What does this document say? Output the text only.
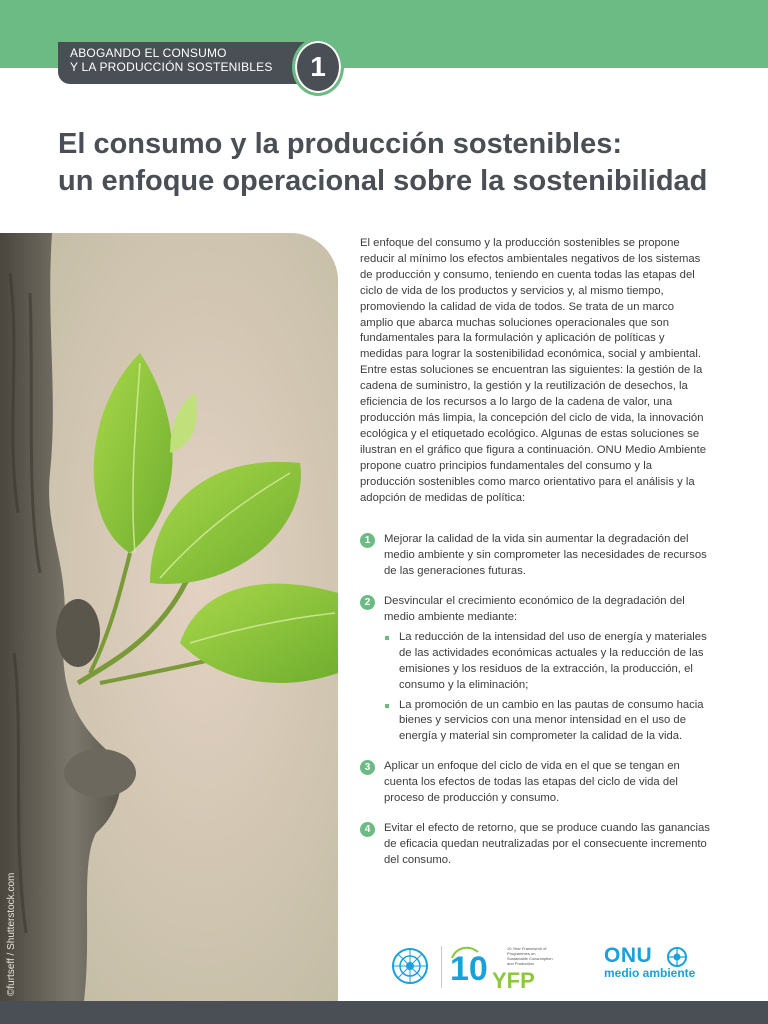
ABOGANDO EL CONSUMO
Y LA PRODUCCIÓN SOSTENIBLES	1
El consumo y la producción sostenibles:
un enfoque operacional sobre la sostenibilidad
©furtseff / Shutterstock.com

El enfoque del consumo y la producción sostenibles se propone reducir al mínimo los efectos ambientales negativos de los sistemas de producción y consumo, teniendo en cuenta todas las etapas del ciclo de vida de los productos y servicios y, al mismo tiempo, promoviendo la calidad de vida de todos. Se trata de un marco amplio que abarca muchas soluciones operacionales que son fundamentales para la formulación y aplicación de políticas y medidas para lograr la sostenibilidad económica, social y ambiental. Entre estas soluciones se encuentran las siguientes: la gestión de la cadena de suministro, la gestión y la reutilización de desechos, la eficiencia de los recursos a lo largo de la cadena de valor, una producción más limpia, la concepción del ciclo de vida, la innovación ecológica y el etiquetado ecológico. Algunas de estas soluciones se ilustran en el gráfico que figura a continuación. ONU Medio Ambiente propone cuatro principios fundamentales del consumo y la producción sostenibles como marco orientativo para el análisis y la adopción de medidas de política:

1	Mejorar la calidad de la vida sin aumentar la degradación del medio ambiente y sin comprometer las necesidades de recursos de las generaciones futuras.
2	Desvincular el crecimiento económico de la degradación del medio ambiente mediante:
La reducción de la intensidad del uso de energía y materiales de las actividades económicas actuales y la reducción de las emisiones y los residuos de la extracción, la producción, el consumo y la eliminación;
La promoción de un cambio en las pautas de consumo hacia bienes y servicios con una menor intensidad en el uso de energía y material sin comprometer la calidad de la vida.
3	Aplicar un enfoque del ciclo de vida en el que se tengan en cuenta los efectos de todas las etapas del ciclo de vida del proceso de producción y consumo.
4	Evitar el efecto de retorno, que se produce cuando las ganancias de eficacia quedan neutralizadas por el consecuente incremento del consumo.
10 YFP
10-Year Framework of Programmes on Sustainable Consumption and Production	ONU
medio ambiente
